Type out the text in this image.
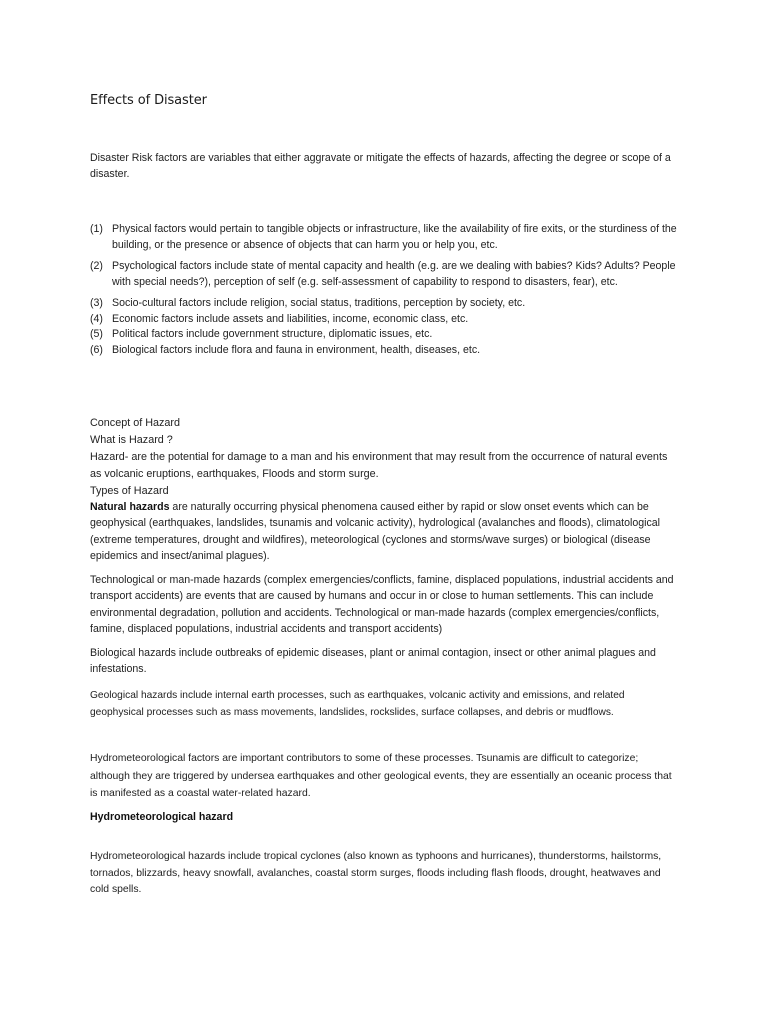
Effects of Disaster

Disaster Risk factors are variables that either aggravate or mitigate the effects of hazards, affecting the degree or scope of a disaster.

(1) Physical factors would pertain to tangible objects or infrastructure, like the availability of fire exits, or the sturdiness of the building, or the presence or absence of objects that can harm you or help you, etc.
(2) Psychological factors include state of mental capacity and health (e.g. are we dealing with babies? Kids? Adults? People with special needs?), perception of self (e.g. self-assessment of capability to respond to disasters, fear), etc.
(3) Socio-cultural factors include religion, social status, traditions, perception by society, etc.
(4) Economic factors include assets and liabilities, income, economic class, etc.
(5) Political factors include government structure, diplomatic issues, etc.
(6) Biological factors include flora and fauna in environment, health, diseases, etc.

Concept of Hazard

What is Hazard ?

Hazard- are the potential for damage to a man and his environment that may result from the occurrence of natural events as volcanic eruptions, earthquakes, Floods and storm surge.

Types of Hazard

Natural hazards are naturally occurring physical phenomena caused either by rapid or slow onset events which can be geophysical (earthquakes, landslides, tsunamis and volcanic activity), hydrological (avalanches and floods), climatological (extreme temperatures, drought and wildfires), meteorological (cyclones and storms/wave surges) or biological (disease epidemics and insect/animal plagues).

Technological or man-made hazards (complex emergencies/conflicts, famine, displaced populations, industrial accidents and transport accidents) are events that are caused by humans and occur in or close to human settlements. This can include environmental degradation, pollution and accidents. Technological or man-made hazards (complex emergencies/conflicts, famine, displaced populations, industrial accidents and transport accidents)

Biological hazards include outbreaks of epidemic diseases, plant or animal contagion, insect or other animal plagues and infestations.

Geological hazards include internal earth processes, such as earthquakes, volcanic activity and emissions, and related geophysical processes such as mass movements, landslides, rockslides, surface collapses, and debris or mudflows.

Hydrometeorological factors are important contributors to some of these processes. Tsunamis are difficult to categorize; although they are triggered by undersea earthquakes and other geological events, they are essentially an oceanic process that is manifested as a coastal water-related hazard.

Hydrometeorological hazard

Hydrometeorological hazards include tropical cyclones (also known as typhoons and hurricanes), thunderstorms, hailstorms, tornados, blizzards, heavy snowfall, avalanches, coastal storm surges, floods including flash floods, drought, heatwaves and cold spells.
